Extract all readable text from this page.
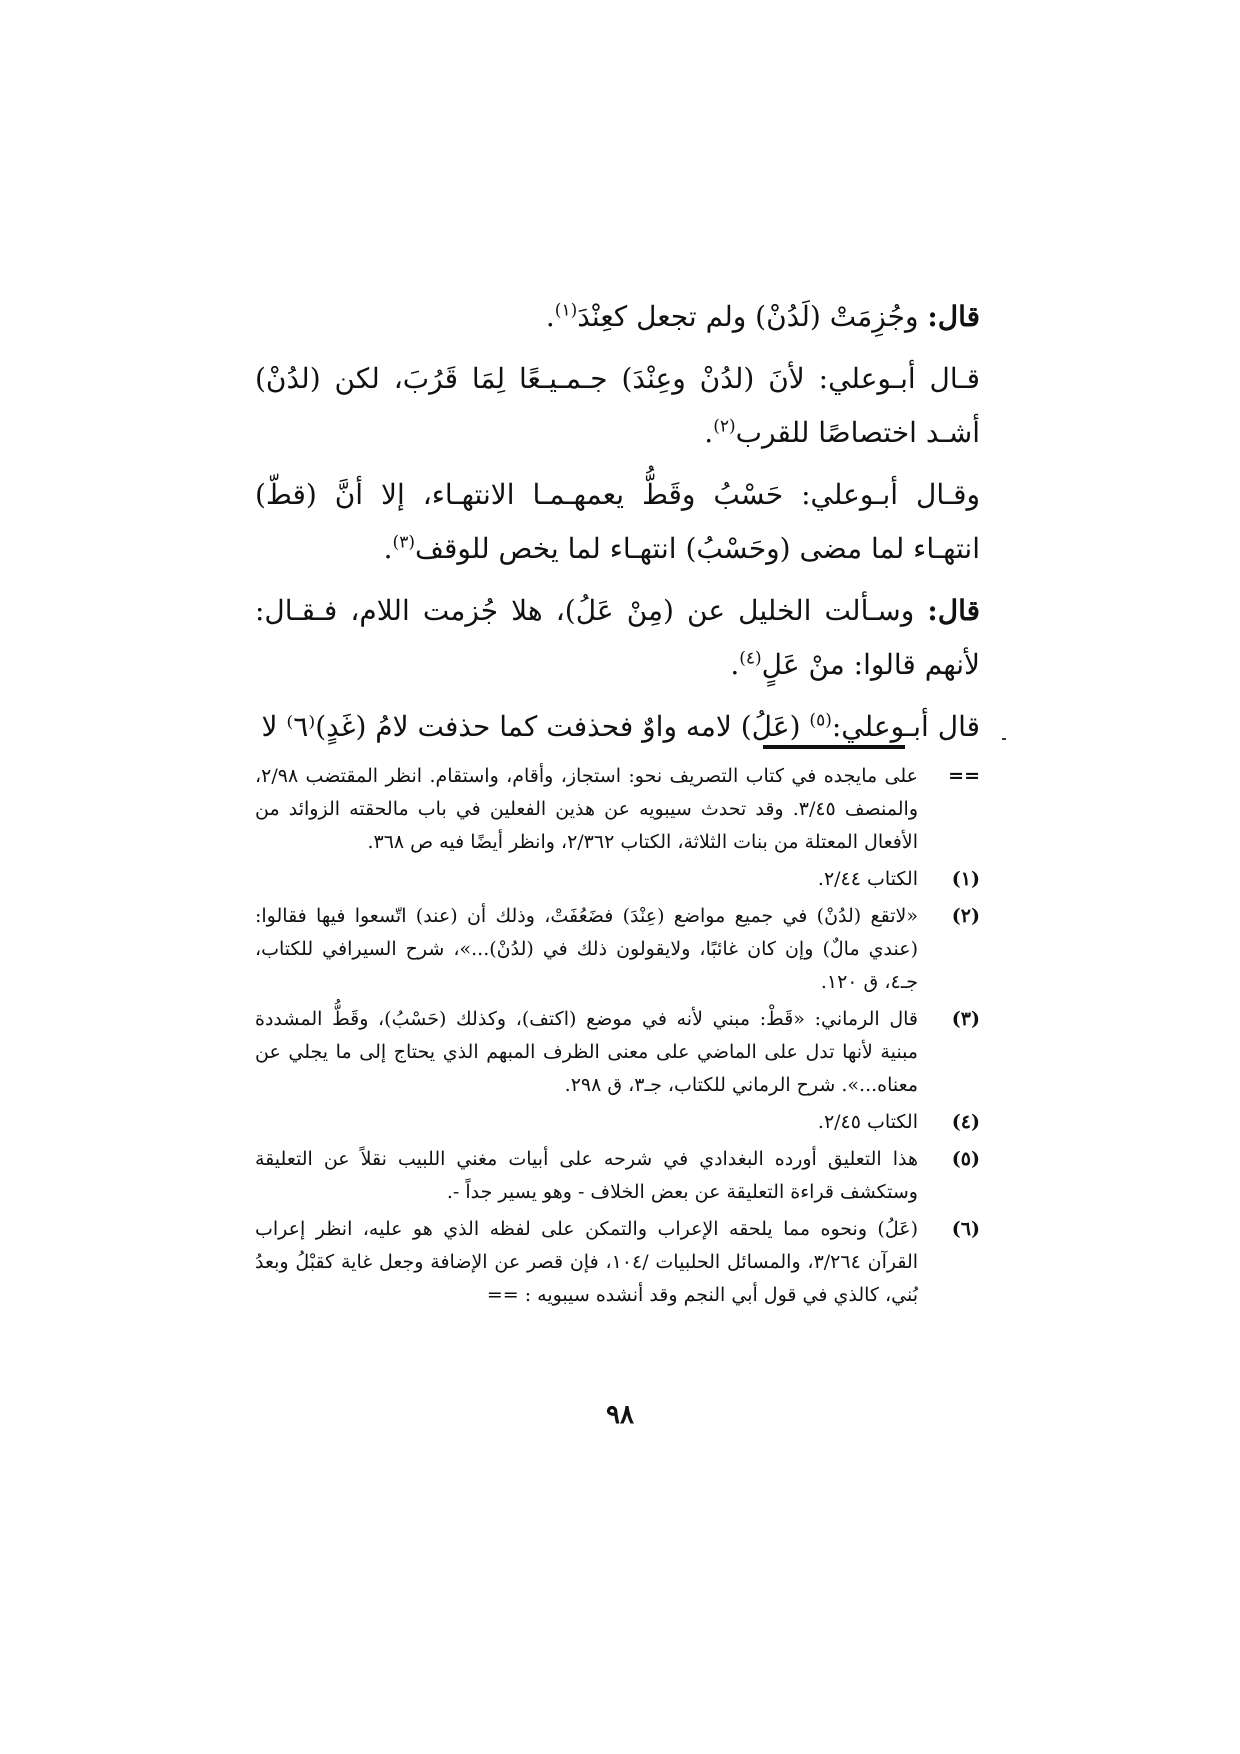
قال: وجُزِمَتْ (لَدُنْ) ولم تجعل كعِنْدَ$^{(١)}$.

قـال أبـوعلي: لأنَ (لدُنْ وعِنْدَ) جـمـيـعًا لِمَا قَرُبَ، لكن (لدُنْ) أشـد اختصاصًا للقرب$^{(٢)}$.

وقـال أبـوعلي: حَسْبُ وقَطُّ يعمهـمـا الانتهـاء، إلا أنَّ (قطّ) انتهـاء لما مضى (وحَسْبُ) انتهـاء لما يخص للوقف$^{(٣)}$.

قال: وسـألت الخليل عن (مِنْ عَلُ)، هلا جُزمت اللام، فـقـال: لأنهم قالوا: منْ عَلٍ$^{(٤)}$.

قال أبـوعلي:$^{(٥)}$ (عَلُ) لامه واوٌ فحذفت كما حذفت لامُ (غَدٍ)⁽٦⁾ لا

==
على مايجده في كتاب التصريف نحو: استجاز، وأقام، واستقام. انظر المقتضب ٢/٩٨، والمنصف ٣/٤٥. وقد تحدث سيبويه عن هذين الفعلين في باب مالحقته الزوائد من الأفعال المعتلة من بنات الثلاثة، الكتاب ٢/٣٦٢، وانظر أيضًا فيه ص ٣٦٨.
(١)
الكتاب ٢/٤٤.
(٢)
«لاتقع (لدُنْ) في جميع مواضع (عِنْدَ) فضَعُفَتْ، وذلك أن (عند) اتّسعوا فيها فقالوا: (عندي مالٌ) وإن كان غائبًا، ولايقولون ذلك في (لدُنْ)...»، شرح السيرافي للكتاب، جـ٤، ق ١٢٠.
(٣)
قال الرماني: «قَطْ: مبني لأنه في موضع (اكتف)، وكذلك (حَسْبُ)، وقَطُّ المشددة مبنية لأنها تدل على الماضي على معنى الظرف المبهم الذي يحتاج إلى ما يجلي عن معناه...». شرح الرماني للكتاب، جـ٣، ق ٢٩٨.
(٤)
الكتاب ٢/٤٥.
(٥)
هذا التعليق أورده البغدادي في شرحه على أبيات مغني اللبيب نقلاً عن التعليقة وستكشف قراءة التعليقة عن بعض الخلاف - وهو يسير جداً -.
(٦)
(عَلُ) ونحوه مما يلحقه الإعراب والتمكن على لفظه الذي هو عليه، انظر إعراب القرآن ٣/٢٦٤، والمسائل الحلبيات /١٠٤، فإن قصر عن الإضافة وجعل غاية كقبْلُ وبعدُ بُني، كالذي في قول أبي النجم وقد أنشده سيبويه : ==
٩٨
